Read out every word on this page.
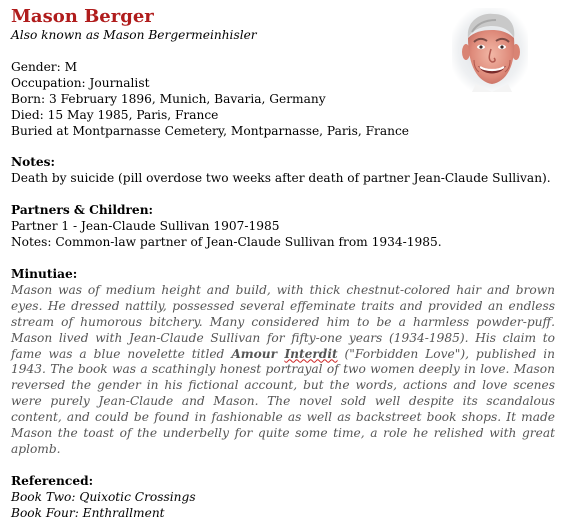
Mason Berger
Also known as Mason Bergermeinhisler
Gender: M
Occupation: Journalist
Born: 3 February 1896, Munich, Bavaria, Germany
Died: 15 May 1985, Paris, France
Buried at Montparnasse Cemetery, Montparnasse, Paris, France
Notes:
Death by suicide (pill overdose two weeks after death of partner Jean-Claude Sullivan).
Partners & Children:
Partner 1 - Jean-Claude Sullivan 1907-1985
Notes: Common-law partner of Jean-Claude Sullivan from 1934-1985.
Minutiae:
Mason was of medium height and build, with thick chestnut-colored hair and brown eyes. He dressed nattily, possessed several effeminate traits and provided an endless stream of humorous bitchery. Many considered him to be a harmless powder-puff. Mason lived with Jean-Claude Sullivan for fifty-one years (1934-1985). His claim to fame was a blue novelette titled Amour Interdit ("Forbidden Love"), published in 1943. The book was a scathingly honest portrayal of two women deeply in love. Mason reversed the gender in his fictional account, but the words, actions and love scenes were purely Jean-Claude and Mason. The novel sold well despite its scandalous content, and could be found in fashionable as well as backstreet book shops. It made Mason the toast of the underbelly for quite some time, a role he relished with great aplomb.
Referenced:
Book Two: Quixotic Crossings
Book Four: Enthrallment
